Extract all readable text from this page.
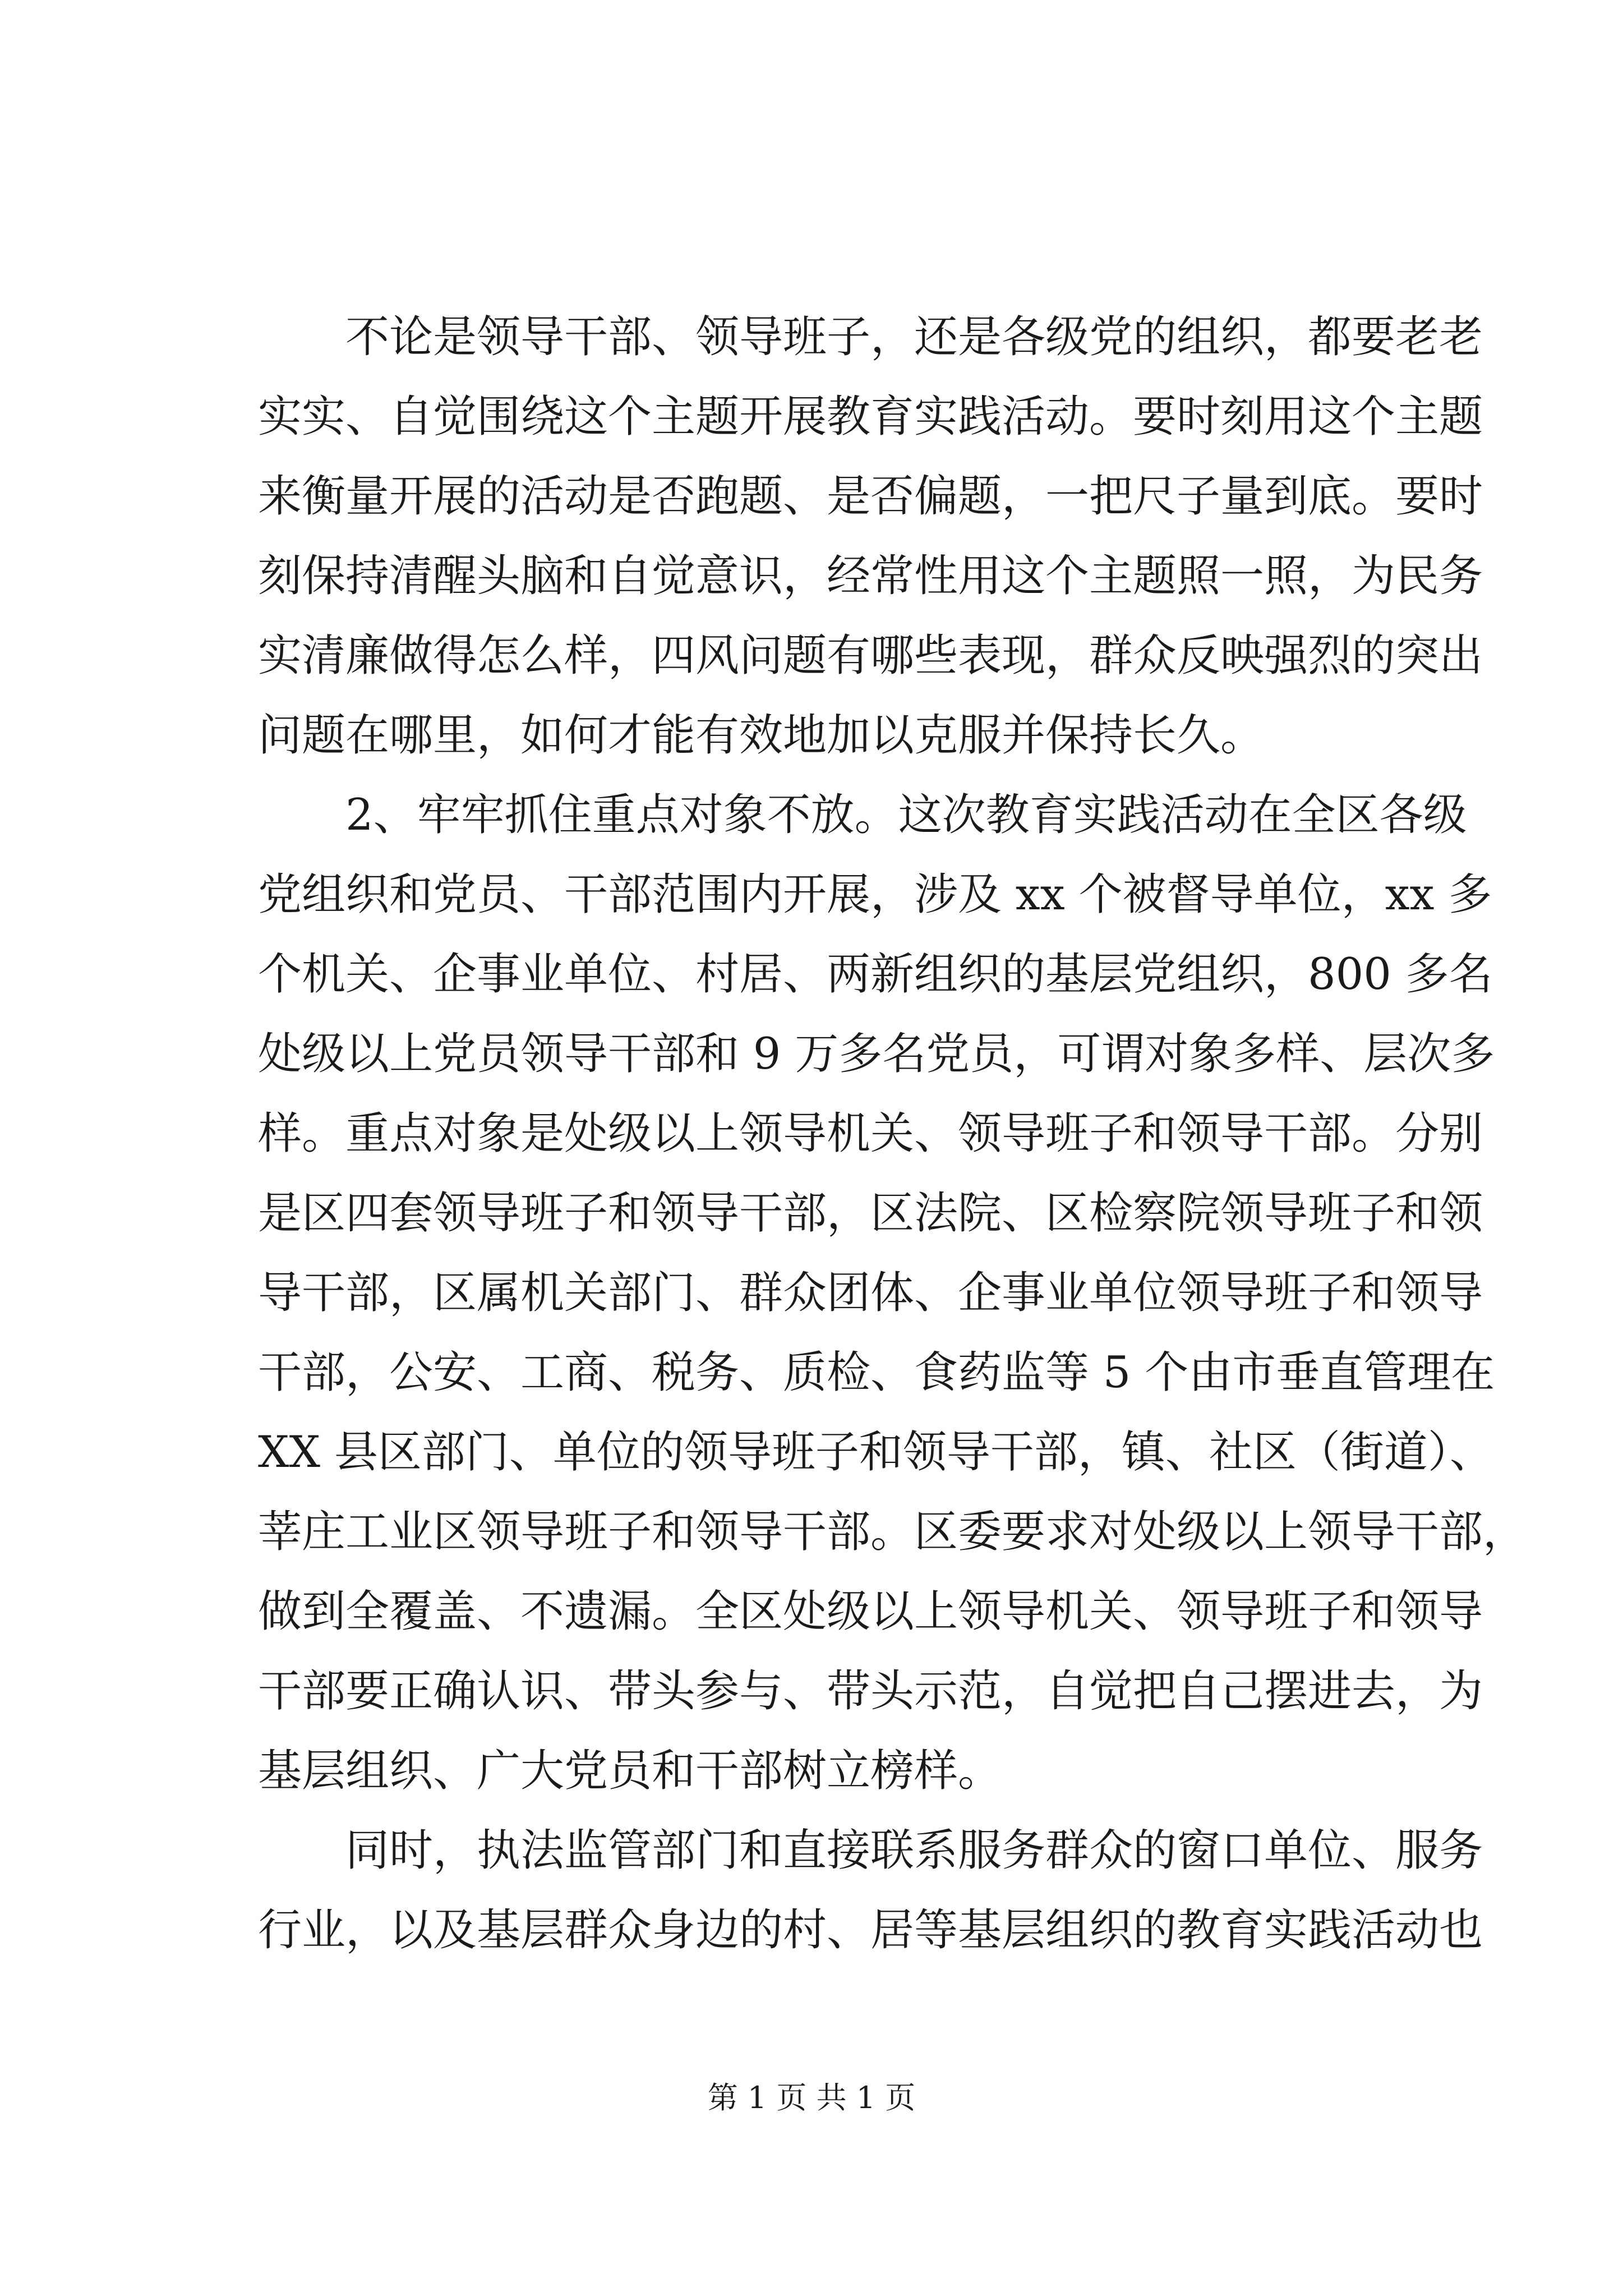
　　不论是领导干部、领导班子，还是各级党的组织，都要老老
实实、自觉围绕这个主题开展教育实践活动。要时刻用这个主题
来衡量开展的活动是否跑题、是否偏题，一把尺子量到底。要时
刻保持清醒头脑和自觉意识，经常性用这个主题照一照，为民务
实清廉做得怎么样，四风问题有哪些表现，群众反映强烈的突出
问题在哪里，如何才能有效地加以克服并保持长久。
　　2、牢牢抓住重点对象不放。这次教育实践活动在全区各级
党组织和党员、干部范围内开展，涉及 xx 个被督导单位，xx 多
个机关、企事业单位、村居、两新组织的基层党组织，800 多名
处级以上党员领导干部和 9 万多名党员，可谓对象多样、层次多
样。重点对象是处级以上领导机关、领导班子和领导干部。分别
是区四套领导班子和领导干部，区法院、区检察院领导班子和领
导干部，区属机关部门、群众团体、企事业单位领导班子和领导
干部，公安、工商、税务、质检、食药监等 5 个由市垂直管理在
XX 县区部门、单位的领导班子和领导干部，镇、社区（街道）、
莘庄工业区领导班子和领导干部。区委要求对处级以上领导干部，
做到全覆盖、不遗漏。全区处级以上领导机关、领导班子和领导
干部要正确认识、带头参与、带头示范，自觉把自己摆进去，为
基层组织、广大党员和干部树立榜样。
　　同时，执法监管部门和直接联系服务群众的窗口单位、服务
行业，以及基层群众身边的村、居等基层组织的教育实践活动也
第 1 页 共 1 页
